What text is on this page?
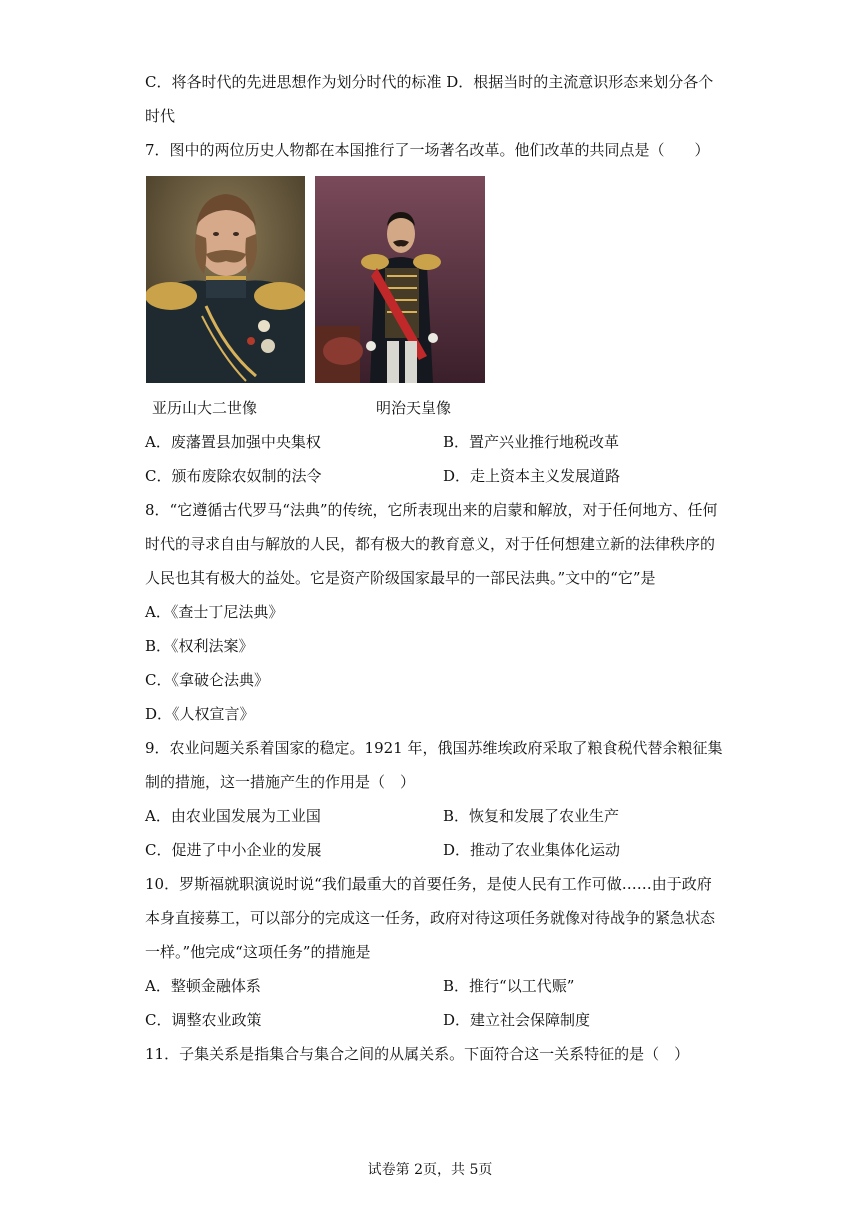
C．将各时代的先进思想作为划分时代的标准 D．根据当时的主流意识形态来划分各个
时代
7．图中的两位历史人物都在本国推行了一场著名改革。他们改革的共同点是（　　）
亚历山大二世像	明治天皇像
A．废藩置县加强中央集权	B．置产兴业推行地税改革
C．颁布废除农奴制的法令	D．走上资本主义发展道路
8．“它遵循古代罗马“法典”的传统，它所表现出来的启蒙和解放，对于任何地方、任何
时代的寻求自由与解放的人民，都有极大的教育意义，对于任何想建立新的法律秩序的
人民也其有极大的益处。它是资产阶级国家最早的一部民法典。”文中的“它”是
A．《查士丁尼法典》
B．《权利法案》
C．《拿破仑法典》
D．《人权宣言》
9．农业问题关系着国家的稳定。1921 年，俄国苏维埃政府采取了粮食税代替余粮征集
制的措施，这一措施产生的作用是（　）
A．由农业国发展为工业国	B．恢复和发展了农业生产
C．促进了中小企业的发展	D．推动了农业集体化运动
10．罗斯福就职演说时说“我们最重大的首要任务，是使人民有工作可做……由于政府
本身直接募工，可以部分的完成这一任务，政府对待这项任务就像对待战争的紧急状态
一样。”他完成“这项任务”的措施是
A．整顿金融体系	B．推行“以工代赈”
C．调整农业政策	D．建立社会保障制度
11．子集关系是指集合与集合之间的从属关系。下面符合这一关系特征的是（　）
试卷第 2页，共 5页
